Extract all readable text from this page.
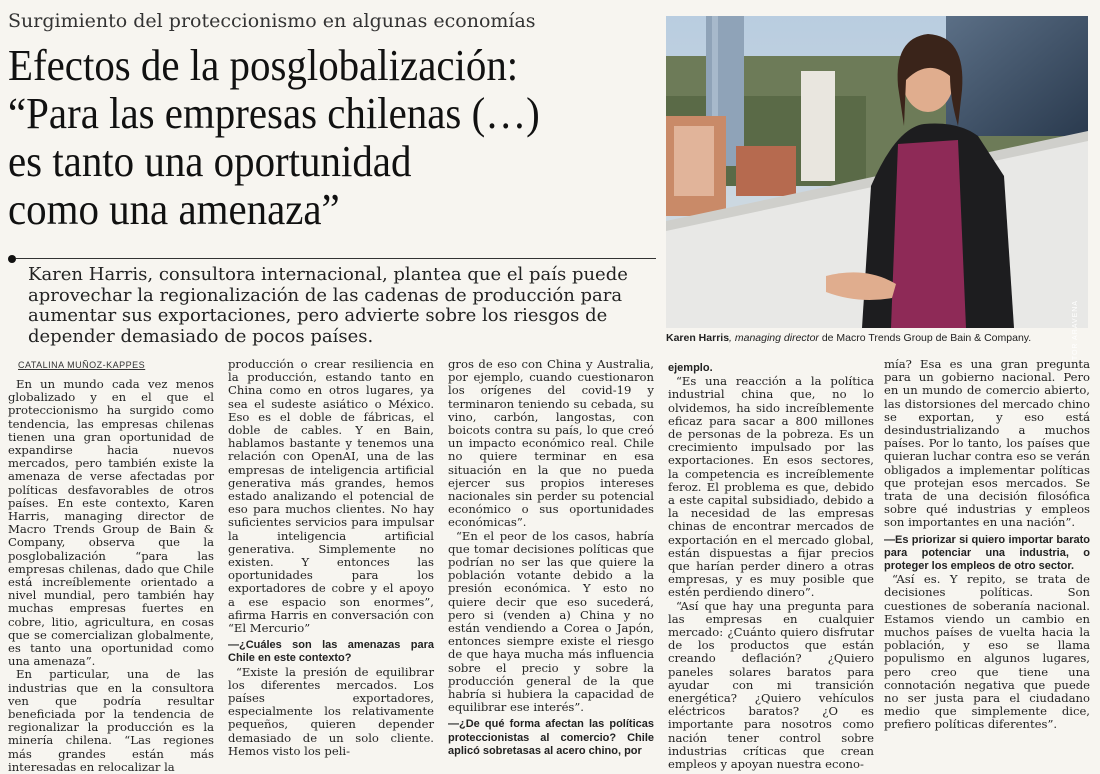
Surgimiento del proteccionismo en algunas economías
Efectos de la posglobalización:
“Para las empresas chilenas (…)
es tanto una oportunidad
como una amenaza”
Karen Harris, consultora internacional, plantea que el país puede aprovechar la regionalización de las cadenas de producción para aumentar sus exportaciones, pero advierte sobre los riesgos de depender demasiado de pocos países.
CATALINA MUÑOZ-KAPPES	HÉCTOR ARAVENA
Karen Harris, managing director de Macro Trends Group de Bain & Company.

En un mundo cada vez menos globalizado y en el que el proteccionismo ha surgido como tendencia, las empresas chilenas tienen una gran oportunidad de expandirse hacia nuevos mercados, pero también existe la amenaza de verse afectadas por políticas desfavorables de otros países. En este contexto, Karen Harris, managing director de Macro Trends Group de Bain & Company, observa que la posglobalización “para las empresas chilenas, dado que Chile está increíblemente orientado a nivel mundial, pero también hay muchas empresas fuertes en cobre, litio, agricultura, en cosas que se comercializan globalmente, es tanto una oportunidad como una amenaza”.

En particular, una de las industrias que en la consultora ven que podría resultar beneficiada por la tendencia de regionalizar la producción es la minería chilena. “Las regiones más grandes están más interesadas en relocalizar la

producción o crear resiliencia en la producción, estando tanto en China como en otros lugares, ya sea el sudeste asiático o México. Eso es el doble de fábricas, el doble de cables. Y en Bain, hablamos bastante y tenemos una relación con OpenAI, una de las empresas de inteligencia artificial generativa más grandes, hemos estado analizando el potencial de eso para muchos clientes. No hay suficientes servicios para impulsar la inteligencia artificial generativa. Simplemente no existen. Y entonces las oportunidades para los exportadores de cobre y el apoyo a ese espacio son enormes”, afirma Harris en conversación con “El Mercurio”

—¿Cuáles son las amenazas para Chile en este contexto?

“Existe la presión de equilibrar los diferentes mercados. Los países exportadores, especialmente los relativamente pequeños, quieren depender demasiado de un solo cliente. Hemos visto los peli-

gros de eso con China y Australia, por ejemplo, cuando cuestionaron los orígenes del covid-19 y terminaron teniendo su cebada, su vino, carbón, langostas, con boicots contra su país, lo que creó un impacto económico real. Chile no quiere terminar en esa situación en la que no pueda ejercer sus propios intereses nacionales sin perder su potencial económico o sus oportunidades económicas”.

“En el peor de los casos, habría que tomar decisiones políticas que podrían no ser las que quiere la población votante debido a la presión económica. Y esto no quiere decir que eso sucederá, pero si (venden a) China y no están vendiendo a Corea o Japón, entonces siempre existe el riesgo de que haya mucha más influencia sobre el precio y sobre la producción general de la que habría si hubiera la capacidad de equilibrar ese interés”.

—¿De qué forma afectan las políticas proteccionistas al comercio? Chile aplicó sobretasas al acero chino, por

ejemplo.

“Es una reacción a la política industrial china que, no lo olvidemos, ha sido increíblemente eficaz para sacar a 800 millones de personas de la pobreza. Es un crecimiento impulsado por las exportaciones. En esos sectores, la competencia es increíblemente feroz. El problema es que, debido a este capital subsidiado, debido a la necesidad de las empresas chinas de encontrar mercados de exportación en el mercado global, están dispuestas a fijar precios que harían perder dinero a otras empresas, y es muy posible que estén perdiendo dinero”.

“Así que hay una pregunta para las empresas en cualquier mercado: ¿Cuánto quiero disfrutar de los productos que están creando deflación? ¿Quiero paneles solares baratos para ayudar con mi transición energética? ¿Quiero vehículos eléctricos baratos? ¿O es importante para nosotros como nación tener control sobre industrias críticas que crean empleos y apoyan nuestra econo-

mía? Esa es una gran pregunta para un gobierno nacional. Pero en un mundo de comercio abierto, las distorsiones del mercado chino se exportan, y eso está desindustrializando a muchos países. Por lo tanto, los países que quieran luchar contra eso se verán obligados a implementar políticas que protejan esos mercados. Se trata de una decisión filosófica sobre qué industrias y empleos son importantes en una nación”.

—Es priorizar si quiero importar barato para potenciar una industria, o proteger los empleos de otro sector.

“Así es. Y repito, se trata de decisiones políticas. Son cuestiones de soberanía nacional. Estamos viendo un cambio en muchos países de vuelta hacia la población, y eso se llama populismo en algunos lugares, pero creo que tiene una connotación negativa que puede no ser justa para el ciudadano medio que simplemente dice, prefiero políticas diferentes”.
